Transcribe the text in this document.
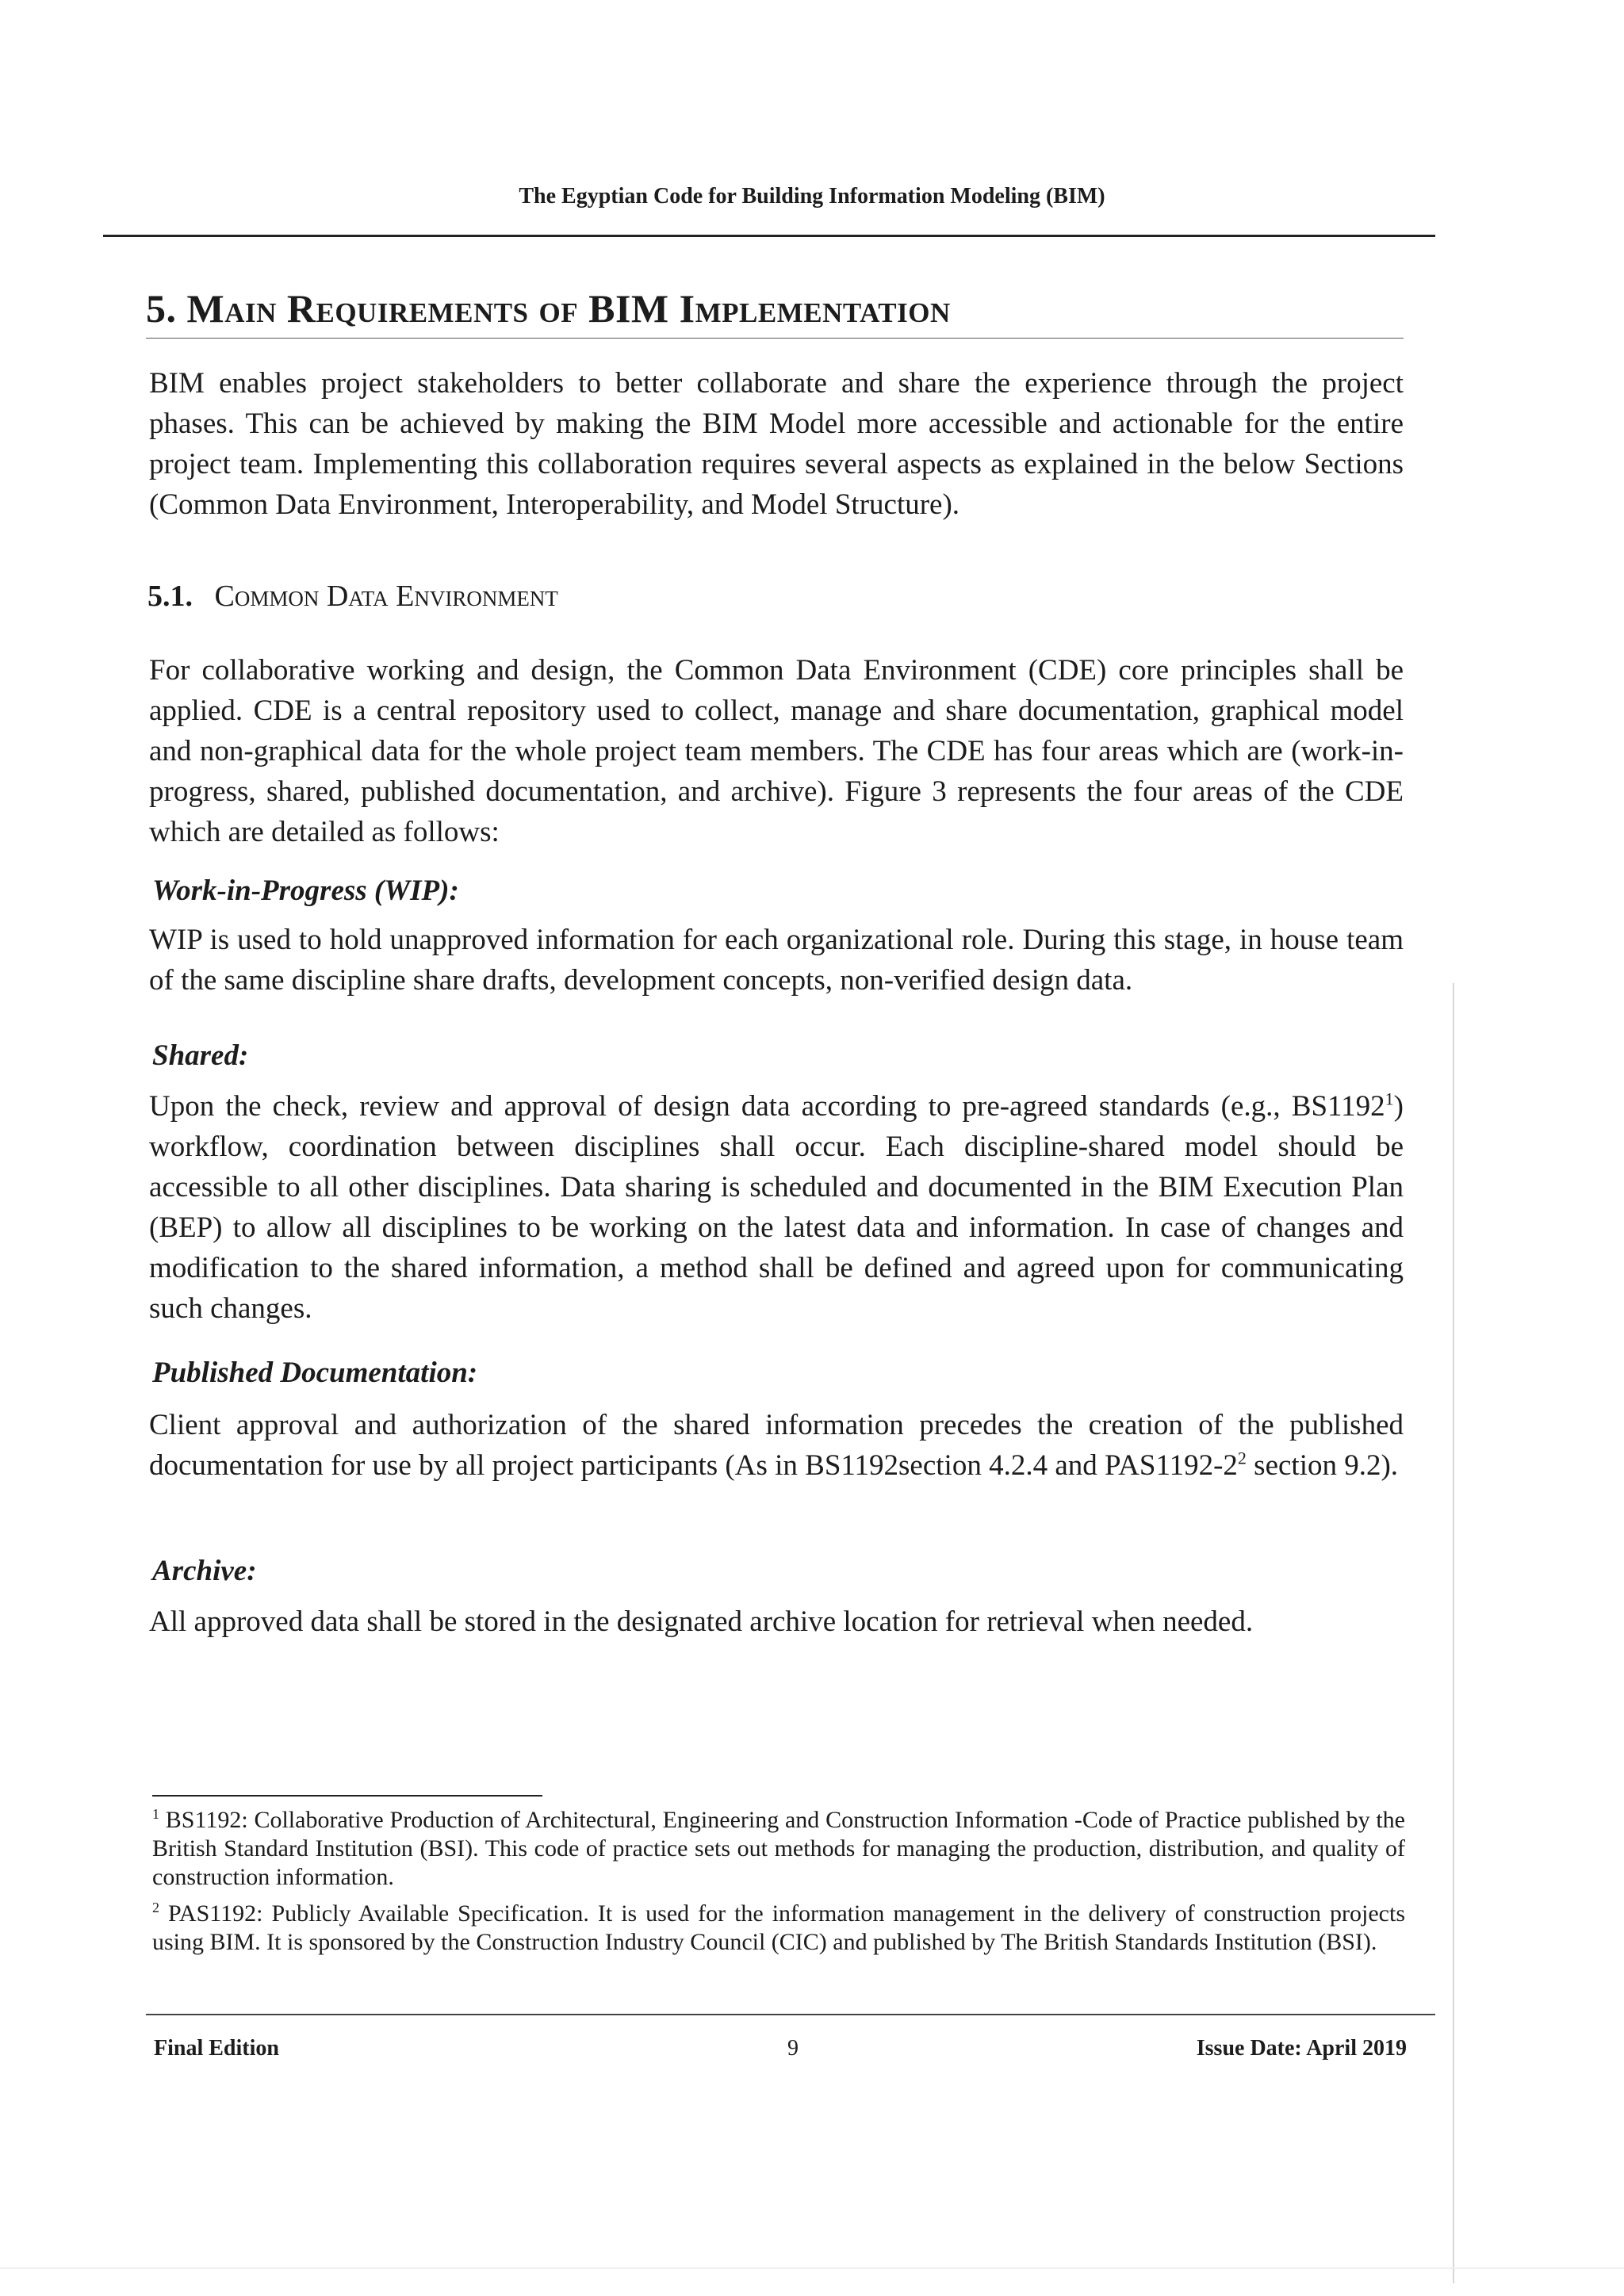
The Egyptian Code for Building Information Modeling (BIM)
5. Main Requirements of BIM Implementation

BIM enables project stakeholders to better collaborate and share the experience through the project phases. This can be achieved by making the BIM Model more accessible and actionable for the entire project team. Implementing this collaboration requires several aspects as explained in the below Sections (Common Data Environment, Interoperability, and Model Structure).

5.1. Common Data Environment

For collaborative working and design, the Common Data Environment (CDE) core principles shall be applied. CDE is a central repository used to collect, manage and share documentation, graphical model and non-graphical data for the whole project team members. The CDE has four areas which are (work-in-progress, shared, published documentation, and archive). Figure 3 represents the four areas of the CDE which are detailed as follows:

Work-in-Progress (WIP):

WIP is used to hold unapproved information for each organizational role. During this stage, in house team of the same discipline share drafts, development concepts, non-verified design data.

Shared:

Upon the check, review and approval of design data according to pre-agreed standards (e.g., BS1192$^1$) workflow, coordination between disciplines shall occur. Each discipline-shared model should be accessible to all other disciplines. Data sharing is scheduled and documented in the BIM Execution Plan (BEP) to allow all disciplines to be working on the latest data and information. In case of changes and modification to the shared information, a method shall be defined and agreed upon for communicating such changes.

Published Documentation:

Client approval and authorization of the shared information precedes the creation of the published documentation for use by all project participants (As in BS1192section 4.2.4 and $PAS1192-2^2$ section 9.2).

Archive:

All approved data shall be stored in the designated archive location for retrieval when needed.

$^1$ BS1192: Collaborative Production of Architectural, Engineering and Construction Information -Code of Practice published by the British Standard Institution (BSI). This code of practice sets out methods for managing the production, distribution, and quality of construction information.

$^2$ PAS1192: Publicly Available Specification. It is used for the information management in the delivery of construction projects using BIM. It is sponsored by the Construction Industry Council (CIC) and published by The British Standards Institution (BSI).

Final Edition	9	Issue Date: April 2019
